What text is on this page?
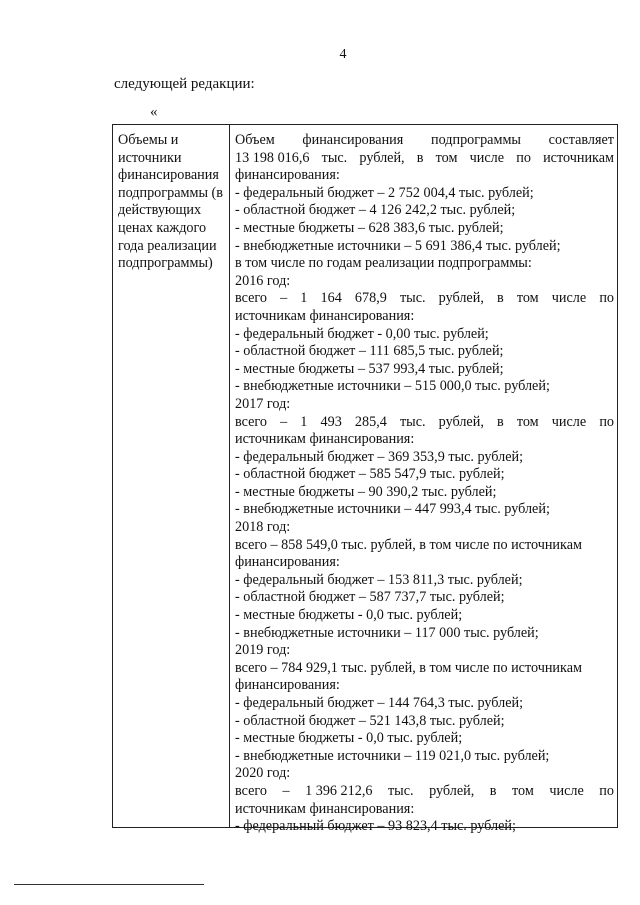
4
следующей редакции:
«
Объемы и
источники
финансирования
подпрограммы (в
действующих
ценах каждого
года реализации
подпрограммы)
Объем финансирования подпрограммы составляет
13 198 016,6 тыс. рублей, в том числе по источникам
финансирования:
- федеральный бюджет – 2 752 004,4 тыс. рублей;
- областной бюджет – 4 126 242,2 тыс. рублей;
- местные бюджеты – 628 383,6 тыс. рублей;
- внебюджетные источники – 5 691 386,4 тыс. рублей;
в том числе по годам реализации подпрограммы:
2016 год:
всего – 1 164 678,9 тыс. рублей, в том числе по
источникам финансирования:
- федеральный бюджет - 0,00 тыс. рублей;
- областной бюджет – 111 685,5 тыс. рублей;
- местные бюджеты – 537 993,4 тыс. рублей;
- внебюджетные источники – 515 000,0 тыс. рублей;
2017 год:
всего – 1 493 285,4 тыс. рублей, в том числе по
источникам финансирования:
- федеральный бюджет – 369 353,9 тыс. рублей;
- областной бюджет – 585 547,9 тыс. рублей;
- местные бюджеты – 90 390,2 тыс. рублей;
- внебюджетные источники – 447 993,4 тыс. рублей;
2018 год:
всего – 858 549,0 тыс. рублей, в том числе по источникам
финансирования:
- федеральный бюджет – 153 811,3 тыс. рублей;
- областной бюджет – 587 737,7 тыс. рублей;
- местные бюджеты - 0,0 тыс. рублей;
- внебюджетные источники – 117 000 тыс. рублей;
2019 год:
всего – 784 929,1 тыс. рублей, в том числе по источникам
финансирования:
- федеральный бюджет – 144 764,3 тыс. рублей;
- областной бюджет – 521 143,8 тыс. рублей;
- местные бюджеты - 0,0 тыс. рублей;
- внебюджетные источники – 119 021,0 тыс. рублей;
2020 год:
всего – 1 396 212,6 тыс. рублей, в том числе по
источникам финансирования:
- федеральный бюджет – 93 823,4 тыс. рублей;
